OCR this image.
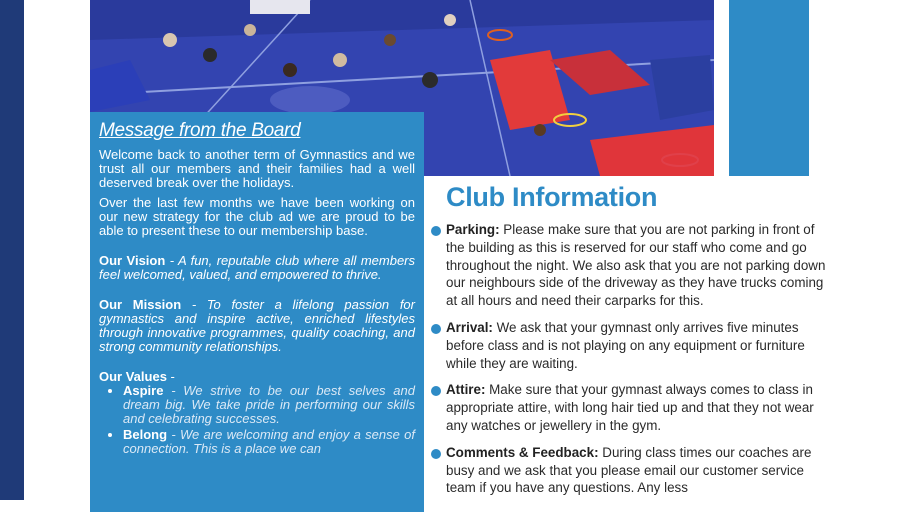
Message from the Board

Welcome back to another term of Gymnastics and we trust all our members and their families had a well deserved break over the holidays.

Over the last few months we have been working on our new strategy for the club ad we are proud to be able to present these to our membership base.

Our Vision - A fun, reputable club where all members feel welcomed, valued, and empowered to thrive.

Our Mission - To foster a lifelong passion for gymnastics and inspire active, enriched lifestyles through innovative programmes, quality coaching, and strong community relationships.

Our Values -

• Aspire - We strive to be our best selves and dream big. We take pride in performing our skills and celebrating successes.
• Belong - We are welcoming and enjoy a sense of connection. This is a place we can
Club Information

Parking: Please make sure that you are not parking in front of the building as this is reserved for our staff who come and go throughout the night. We also ask that you are not parking down our neighbours side of the driveway as they have trucks coming at all hours and need their carparks for this.

Arrival: We ask that your gymnast only arrives five minutes before class and is not playing on any equipment or furniture while they are waiting.

Attire: Make sure that your gymnast always comes to class in appropriate attire, with long hair tied up and that they not wear any watches or jewellery in the gym.

Comments & Feedback: During class times our coaches are busy and we ask that you please email our customer service team if you have any questions. Any less
